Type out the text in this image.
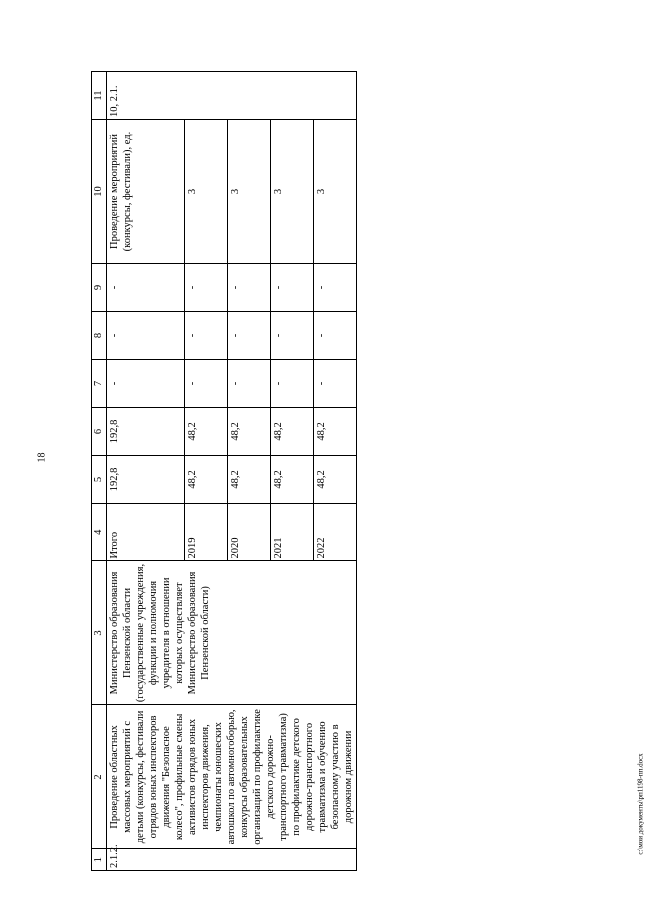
18
1	2	3	4	5	6	7	8	9	10	11
2.1.2.	Проведение областных массовых мероприятий с детьми (конкурсы, фестивали отрядов юных инспекторов движения "Безопасное колесо", профильные смены активистов отрядов юных инспекторов движения, чемпионаты юношеских автошкол по автомногоборью, конкурсы образовательных организаций по профилактике детского дорожно-транспортного травматизма) по профилактике детского дорожно-транспортного травматизма и обучению безопасному участию в дорожном движении	Министерство образования Пензенской области (государственные учреждения, функции и полномочия учредителя в отношении которых осуществляет Министерство образования Пензенской области)	Итого	192,8	192,8	-	-	-	Проведение мероприятий (конкурсы, фестивали), ед.	10, 2.1.
			2019	48,2	48,2	-	-	-	3	
			2020	48,2	48,2	-	-	-	3	
			2021	48,2	48,2	-	-	-	3	
			2022	48,2	48,2	-	-	-	3	
c:\мои документы\рп1198-пп.docx
